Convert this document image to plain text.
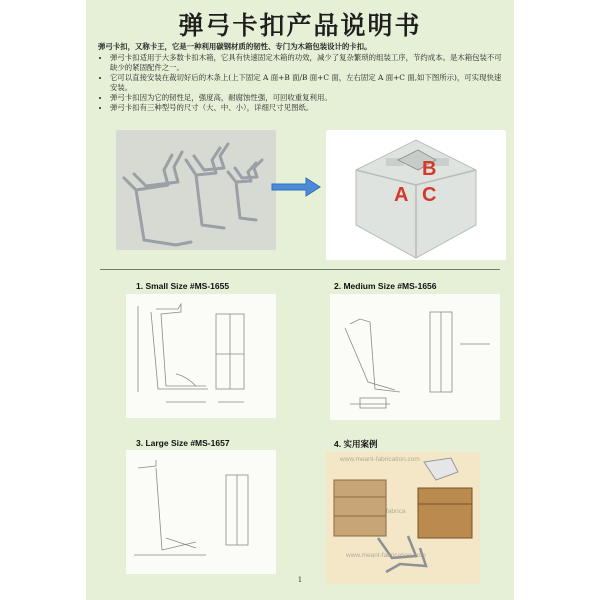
弹弓卡扣产品说明书
弹弓卡扣，又称卡王，它是一种利用碳钢材质的韧性、专门为木箱包装设计的卡扣。
• 弹弓卡扣适用于大多数卡扣木箱，它具有快速固定木箱的功效，减少了复杂繁琐的组装工序，节约成本。是木箱包装不可缺少的紧固配件之一。
• 它可以直接安装在裁切好后的木条上(上下固定 A 面+B 面/B 面+C 面，左右固定 A 面+C 面,如下图所示)，可实现快速安装。
• 弹弓卡扣因为它的韧性足，强度高，耐腐蚀性强，可回收重复利用。
• 弹弓卡扣有三种型号的尺寸（大、中、小），详细尺寸见图纸。
B
A C
1. Small Size #MS-1655	2. Medium Size #MS-1656
3. Large Size #MS-1657	4. 实用案例
www.meant-fabrication.com
fabrica
www.meant-fabrication.com
1
